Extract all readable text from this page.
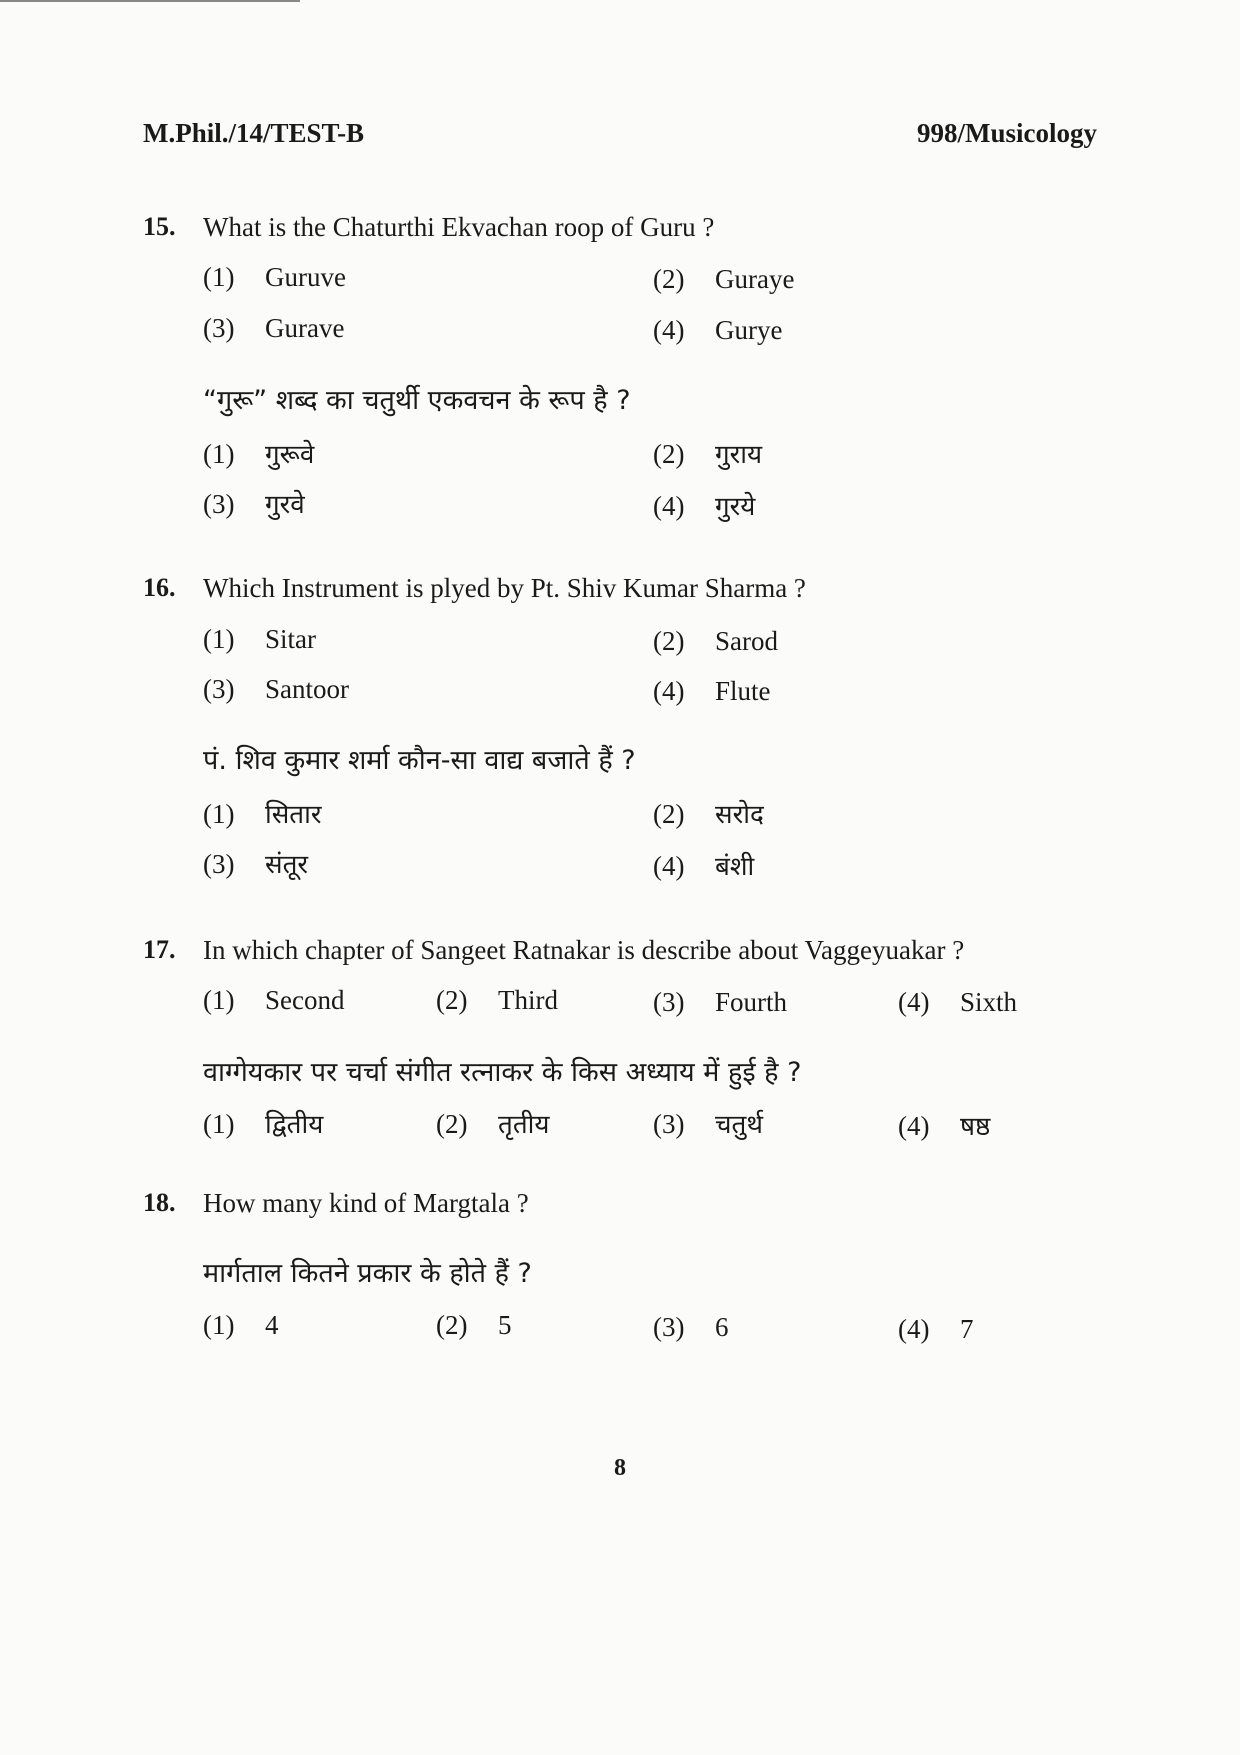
M.Phil./14/TEST-B	998/Musicology
15. What is the Chaturthi Ekvachan roop of Guru ?
(1) Guruve	(2) Guraye
(3) Gurave	(4) Gurye
“गुरू” शब्द का चतुर्थी एकवचन के रूप है ?
(1) गुरूवे	(2) गुराय
(3) गुरवे	(4) गुरये
16. Which Instrument is plyed by Pt. Shiv Kumar Sharma ?
(1) Sitar	(2) Sarod
(3) Santoor	(4) Flute
पं. शिव कुमार शर्मा कौन-सा वाद्य बजाते हैं ?
(1) सितार	(2) सरोद
(3) संतूर	(4) बंशी
17. In which chapter of Sangeet Ratnakar is describe about Vaggeyuakar ?
(1) Second	(2) Third	(3) Fourth	(4) Sixth
वाग्गेयकार पर चर्चा संगीत रत्नाकर के किस अध्याय में हुई है ?
(1) द्वितीय	(2) तृतीय	(3) चतुर्थ	(4) षष्ठ
18. How many kind of Margtala ?
मार्गताल कितने प्रकार के होते हैं ?
(1) 4	(2) 5	(3) 6	(4) 7
8
